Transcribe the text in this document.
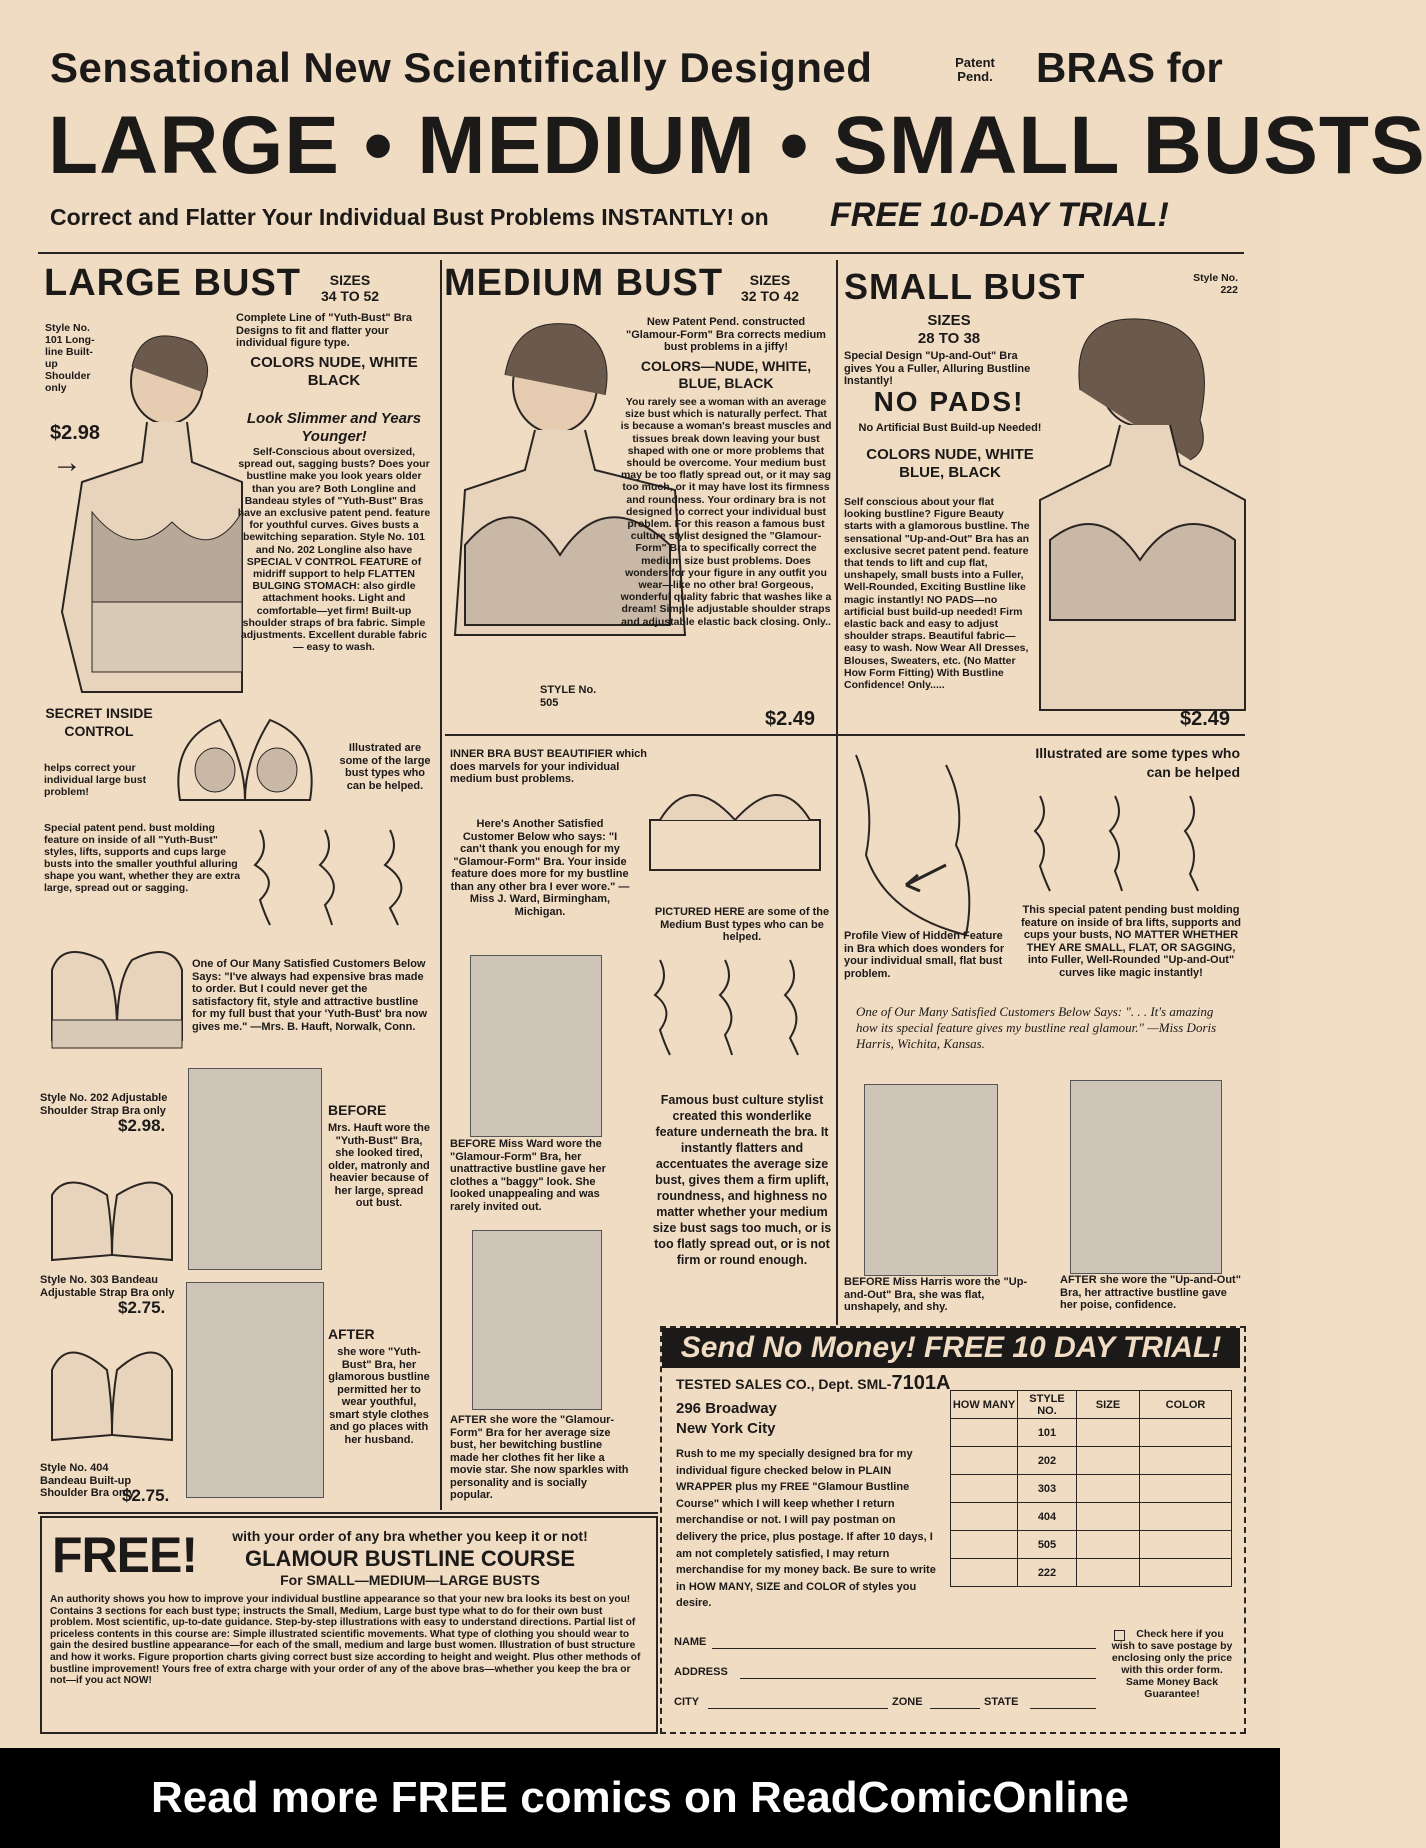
Sensational New Scientifically Designed	Patent Pend.	BRAS for
LARGE • MEDIUM • SMALL BUSTS
Correct and Flatter Your Individual Bust Problems INSTANTLY! on FREE 10-DAY TRIAL!
LARGE BUST	SIZES
34 TO 52
Style No. 101 Long-line Built-up Shoulder only
$2.98
→
Complete Line of "Yuth-Bust" Bra Designs to fit and flatter your individual figure type.
COLORS NUDE, WHITE BLACK
Look Slimmer and Years Younger!
Self-Conscious about oversized, spread out, sagging busts? Does your bustline make you look years older than you are? Both Longline and Bandeau styles of "Yuth-Bust" Bras have an exclusive patent pend. feature for youthful curves. Gives busts a bewitching separation. Style No. 101 and No. 202 Longline also have SPECIAL V CONTROL FEATURE of midriff support to help FLATTEN BULGING STOMACH: also girdle attachment hooks. Light and comfortable—yet firm! Built-up shoulder straps of bra fabric. Simple adjustments. Excellent durable fabric — easy to wash.
SECRET INSIDE CONTROL
helps correct your individual large bust problem!
Illustrated are some of the large bust types who can be helped.
Special patent pend. bust molding feature on inside of all "Yuth-Bust" styles, lifts, supports and cups large busts into the smaller youthful alluring shape you want, whether they are extra large, spread out or sagging.
One of Our Many Satisfied Customers Below Says: "I've always had expensive bras made to order. But I could never get the satisfactory fit, style and attractive bustline for my full bust that your 'Yuth-Bust' bra now gives me." —Mrs. B. Hauft, Norwalk, Conn.
Style No. 202 Adjustable Shoulder Strap Bra only
$2.98.
BEFORE
Mrs. Hauft wore the "Yuth-Bust" Bra, she looked tired, older, matronly and heavier because of her large, spread out bust.
Style No. 303 Bandeau Adjustable Strap Bra only
$2.75.
AFTER
she wore "Yuth-Bust" Bra, her glamorous bustline permitted her to wear youthful, smart style clothes and go places with her husband.
Style No. 404 Bandeau Built-up Shoulder Bra only
$2.75.
MEDIUM BUST	SIZES
32 TO 42
New Patent Pend. constructed "Glamour-Form" Bra corrects medium bust problems in a jiffy!
COLORS—NUDE, WHITE, BLUE, BLACK
You rarely see a woman with an average size bust which is naturally perfect. That is because a woman's breast muscles and tissues break down leaving your bust shaped with one or more problems that should be overcome. Your medium bust may be too flatly spread out, or it may sag too much, or it may have lost its firmness and roundness. Your ordinary bra is not designed to correct your individual bust problem. For this reason a famous bust culture stylist designed the "Glamour-Form" Bra to specifically correct the medium size bust problems. Does wonders for your figure in any outfit you wear—like no other bra! Gorgeous, wonderful quality fabric that washes like a dream! Simple adjustable shoulder straps and adjustable elastic back closing. Only..
STYLE No. 505
$2.49
INNER BRA BUST BEAUTIFIER which does marvels for your individual medium bust problems.
Here's Another Satisfied Customer Below who says: "I can't thank you enough for my "Glamour-Form" Bra. Your inside feature does more for my bustline than any other bra I ever wore." —Miss J. Ward, Birmingham, Michigan.	PICTURED HERE are some of the Medium Bust types who can be helped.
BEFORE Miss Ward wore the "Glamour-Form" Bra, her unattractive bustline gave her clothes a "baggy" look. She looked unappealing and was rarely invited out.
Famous bust culture stylist created this wonderlike feature underneath the bra. It instantly flatters and accentuates the average size bust, gives them a firm uplift, roundness, and highness no matter whether your medium size bust sags too much, or is too flatly spread out, or is not firm or round enough.
AFTER she wore the "Glamour-Form" Bra for her average size bust, her bewitching bustline made her clothes fit her like a movie star. She now sparkles with personality and is socially popular.
SMALL BUST	Style No. 222
SIZES
28 TO 38
Special Design "Up-and-Out" Bra gives You a Fuller, Alluring Bustline Instantly!
NO PADS!
No Artificial Bust Build-up Needed!
COLORS NUDE, WHITE BLUE, BLACK
Self conscious about your flat looking bustline? Figure Beauty starts with a glamorous bustline. The sensational "Up-and-Out" Bra has an exclusive secret patent pend. feature that tends to lift and cup flat, unshapely, small busts into a Fuller, Well-Rounded, Exciting Bustline like magic instantly! NO PADS—no artificial bust build-up needed! Firm elastic back and easy to adjust shoulder straps. Beautiful fabric—easy to wash. Now Wear All Dresses, Blouses, Sweaters, etc. (No Matter How Form Fitting) With Bustline Confidence! Only.....
$2.49
Illustrated are some types who can be helped
Profile View of Hidden Feature in Bra which does wonders for your individual small, flat bust problem.
This special patent pending bust molding feature on inside of bra lifts, supports and cups your busts, NO MATTER WHETHER THEY ARE SMALL, FLAT, OR SAGGING, into Fuller, Well-Rounded "Up-and-Out" curves like magic instantly!
One of Our Many Satisfied Customers Below Says: ". . . It's amazing how its special feature gives my bustline real glamour." —Miss Doris Harris, Wichita, Kansas.
BEFORE Miss Harris wore the "Up-and-Out" Bra, she was flat, unshapely, and shy.
AFTER she wore the "Up-and-Out" Bra, her attractive bustline gave her poise, confidence.
FREE!	with your order of any bra whether you keep it or not!
GLAMOUR BUSTLINE COURSE
For SMALL—MEDIUM—LARGE BUSTS
An authority shows you how to improve your individual bustline appearance so that your new bra looks its best on you! Contains 3 sections for each bust type; instructs the Small, Medium, Large bust type what to do for their own bust problem. Most scientific, up-to-date guidance. Step-by-step illustrations with easy to understand directions. Partial list of priceless contents in this course are: Simple illustrated scientific movements. What type of clothing you should wear to gain the desired bustline appearance—for each of the small, medium and large bust women. Illustration of bust structure and how it works. Figure proportion charts giving correct bust size according to height and weight. Plus other methods of bustline improvement! Yours free of extra charge with your order of any of the above bras—whether you keep the bra or not—if you act NOW!
Send No Money! FREE 10 DAY TRIAL!
TESTED SALES CO., Dept. SML-7101A
296 Broadway
New York City
Rush to me my specially designed bra for my individual figure checked below in PLAIN WRAPPER plus my FREE "Glamour Bustline Course" which I will keep whether I return merchandise or not. I will pay postman on delivery the price, plus postage. If after 10 days, I am not completely satisfied, I may return merchandise for my money back. Be sure to write in HOW MANY, SIZE and COLOR of styles you desire.
HOW MANY	STYLE NO.	SIZE	COLOR
	101		
	202		
	303		
	404		
	505		
	222		
NAME
ADDRESS
CITY	ZONE	STATE
Check here if you wish to save postage by enclosing only the price with this order form. Same Money Back Guarantee!
Read more FREE comics on ReadComicOnline
